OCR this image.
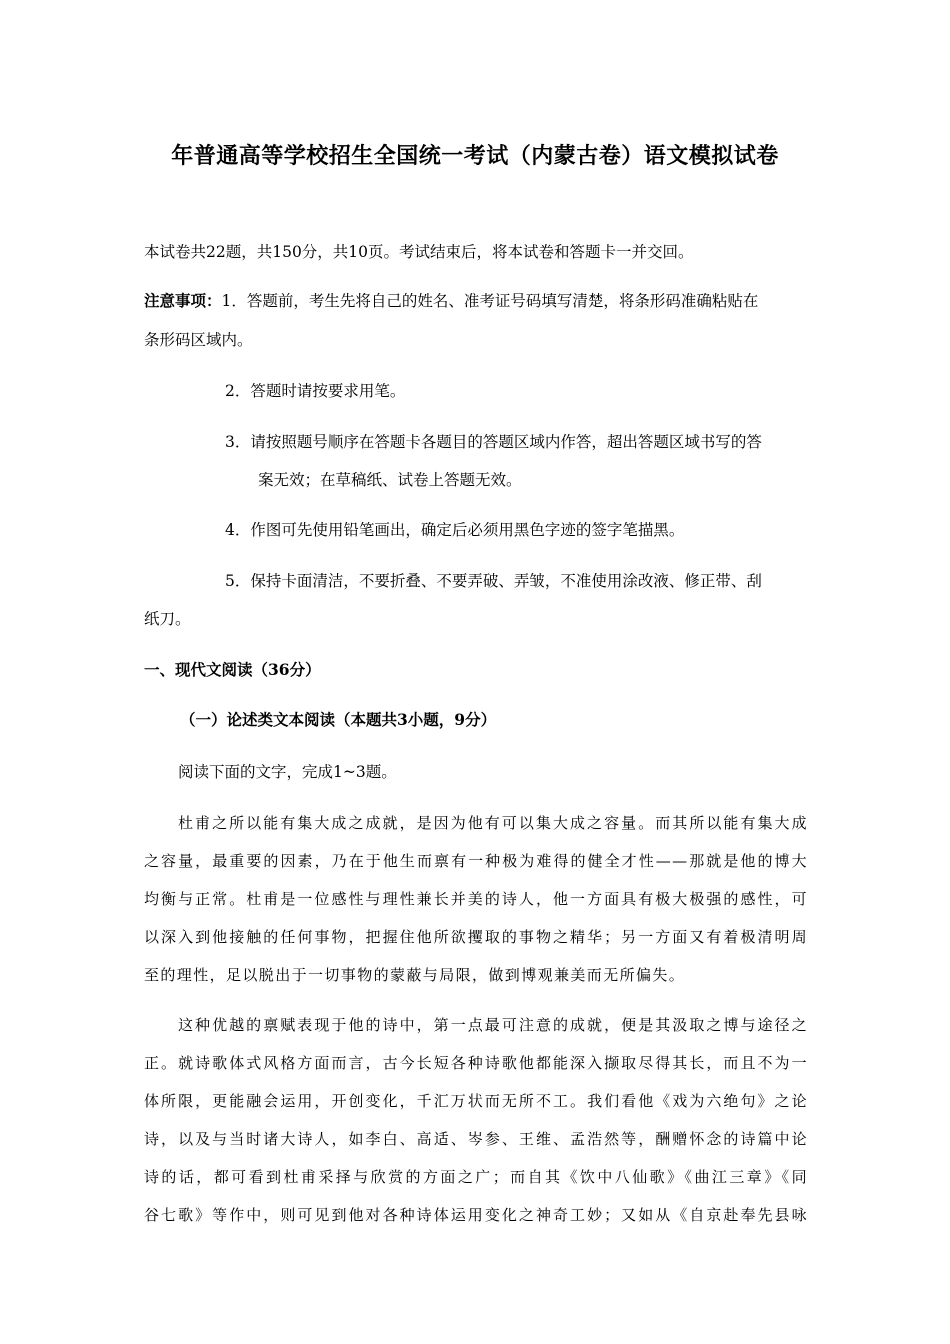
年普通高等学校招生全国统一考试（内蒙古卷）语文模拟试卷
本试卷共22题，共150分，共10页。考试结束后，将本试卷和答题卡一并交回。
注意事项：1．答题前，考生先将自己的姓名、准考证号码填写清楚，将条形码准确粘贴在
条形码区域内。
2．答题时请按要求用笔。
3．请按照题号顺序在答题卡各题目的答题区域内作答，超出答题区域书写的答
案无效；在草稿纸、试卷上答题无效。
4．作图可先使用铅笔画出，确定后必须用黑色字迹的签字笔描黑。
5．保持卡面清洁，不要折叠、不要弄破、弄皱，不准使用涂改液、修正带、刮
纸刀。
一、现代文阅读（36分）
（一）论述类文本阅读（本题共3小题，9分）
阅读下面的文字，完成1~3题。
杜甫之所以能有集大成之成就，是因为他有可以集大成之容量。而其所以能有集大成
之容量，最重要的因素，乃在于他生而禀有一种极为难得的健全才性——那就是他的博大
均衡与正常。杜甫是一位感性与理性兼长并美的诗人，他一方面具有极大极强的感性，可
以深入到他接触的任何事物，把握住他所欲攫取的事物之精华；另一方面又有着极清明周
至的理性，足以脱出于一切事物的蒙蔽与局限，做到博观兼美而无所偏失。
这种优越的禀赋表现于他的诗中，第一点最可注意的成就，便是其汲取之博与途径之
正。就诗歌体式风格方面而言，古今长短各种诗歌他都能深入撷取尽得其长，而且不为一
体所限，更能融会运用，开创变化，千汇万状而无所不工。我们看他《戏为六绝句》之论
诗，以及与当时诸大诗人，如李白、高适、岑参、王维、孟浩然等，酬赠怀念的诗篇中论
诗的话，都可看到杜甫采择与欣赏的方面之广；而自其《饮中八仙歌》《曲江三章》《同
谷七歌》等作中，则可见到他对各种诗体运用变化之神奇工妙；又如从《自京赴奉先县咏
